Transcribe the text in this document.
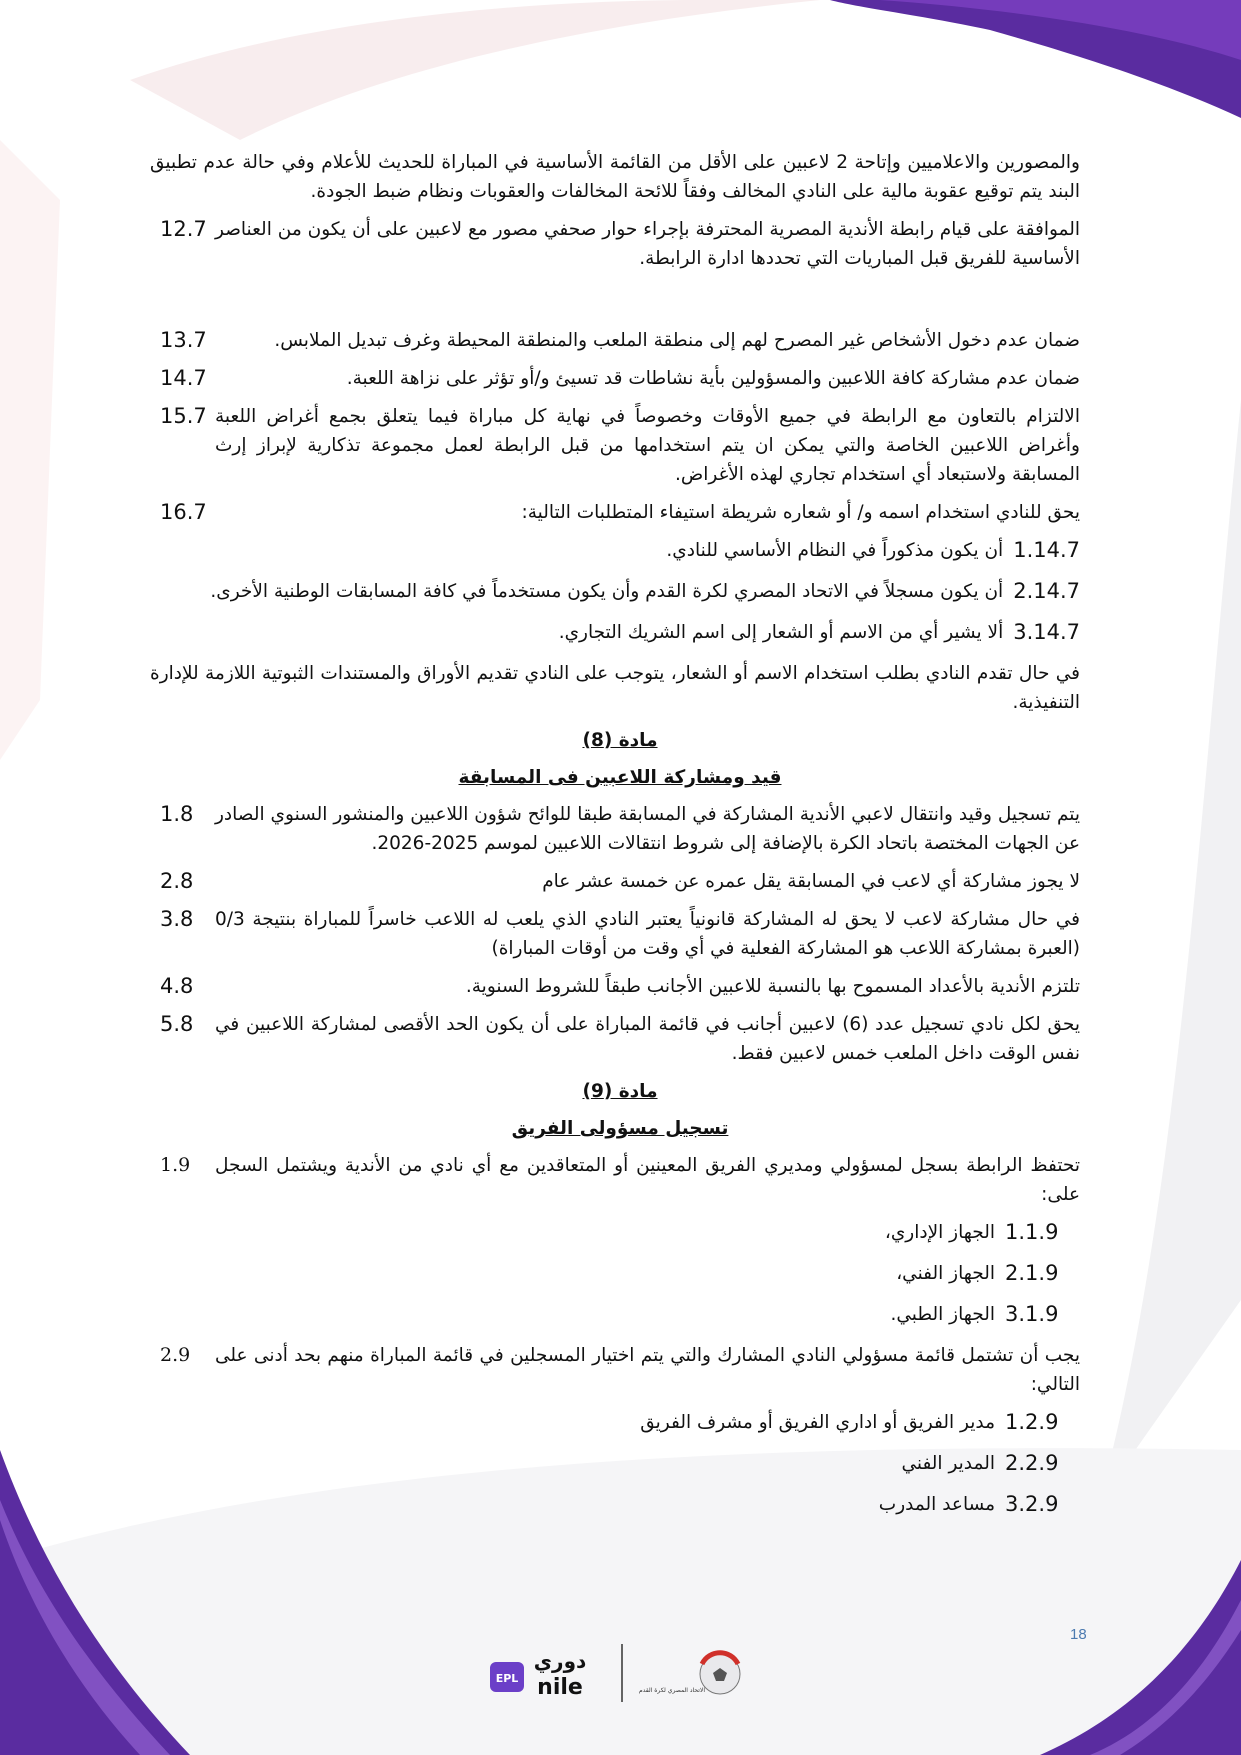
والمصورين والاعلاميين وإتاحة 2 لاعبين على الأقل من القائمة الأساسية في المباراة للحديث للأعلام وفي حالة عدم تطبيق البند يتم توقيع عقوبة مالية على النادي المخالف وفقاً للائحة المخالفات والعقوبات ونظام ضبط الجودة.

الموافقة على قيام رابطة الأندية المصرية المحترفة بإجراء حوار صحفي مصور مع لاعبين على أن يكون من العناصر الأساسية للفريق قبل المباريات التي تحددها ادارة الرابطة.
12.7
ضمان عدم دخول الأشخاص غير المصرح لهم إلى منطقة الملعب والمنطقة المحيطة وغرف تبديل الملابس.
13.7
ضمان عدم مشاركة كافة اللاعبين والمسؤولين بأية نشاطات قد تسيئ و/أو تؤثر على نزاهة اللعبة.
14.7
الالتزام بالتعاون مع الرابطة في جميع الأوقات وخصوصاً في نهاية كل مباراة فيما يتعلق بجمع أغراض اللعبة وأغراض اللاعبين الخاصة والتي يمكن ان يتم استخدامها من قبل الرابطة لعمل مجموعة تذكارية لإبراز إرث المسابقة ولاستبعاد أي استخدام تجاري لهذه الأغراض.
15.7
يحق للنادي استخدام اسمه و/ أو شعاره شريطة استيفاء المتطلبات التالية:
16.7
1.14.7
أن يكون مذكوراً في النظام الأساسي للنادي.
2.14.7
أن يكون مسجلاً في الاتحاد المصري لكرة القدم وأن يكون مستخدماً في كافة المسابقات الوطنية الأخرى.
3.14.7
ألا يشير أي من الاسم أو الشعار إلى اسم الشريك التجاري.

في حال تقدم النادي بطلب استخدام الاسم أو الشعار، يتوجب على النادي تقديم الأوراق والمستندات الثبوتية اللازمة للإدارة التنفيذية.

مادة (8)
قيد ومشاركة اللاعبين فى المسابقة
يتم تسجيل وقيد وانتقال لاعبي الأندية المشاركة في المسابقة طبقا للوائح شؤون اللاعبين والمنشور السنوي الصادر عن الجهات المختصة باتحاد الكرة بالإضافة إلى شروط انتقالات اللاعبين لموسم 2025-2026.
1.8
لا يجوز مشاركة أي لاعب في المسابقة يقل عمره عن خمسة عشر عام
2.8
في حال مشاركة لاعب لا يحق له المشاركة قانونياً يعتبر النادي الذي يلعب له اللاعب خاسراً للمباراة بنتيجة 0/3 (العبرة بمشاركة اللاعب هو المشاركة الفعلية في أي وقت من أوقات المباراة)
3.8
تلتزم الأندية بالأعداد المسموح بها بالنسبة للاعبين الأجانب طبقاً للشروط السنوية.
4.8
يحق لكل نادي تسجيل عدد (6) لاعبين أجانب في قائمة المباراة على أن يكون الحد الأقصى لمشاركة اللاعبين في نفس الوقت داخل الملعب خمس لاعبين فقط.
5.8
مادة (9)
تسجيل مسؤولى الفريق
تحتفظ الرابطة بسجل لمسؤولي ومديري الفريق المعينين أو المتعاقدين مع أي نادي من الأندية ويشتمل السجل على:
1.9
1.1.9
الجهاز الإداري،
2.1.9
الجهاز الفني،
3.1.9
الجهاز الطبي.
يجب أن تشتمل قائمة مسؤولي النادي المشارك والتي يتم اختيار المسجلين في قائمة المباراة منهم بحد أدنى على التالي:
2.9
1.2.9
مدير الفريق أو اداري الفريق أو مشرف الفريق
2.2.9
المدير الفني
3.2.9
مساعد المدرب
18
EPL
دوري
nile	الاتحاد المصري لكرة القدم
